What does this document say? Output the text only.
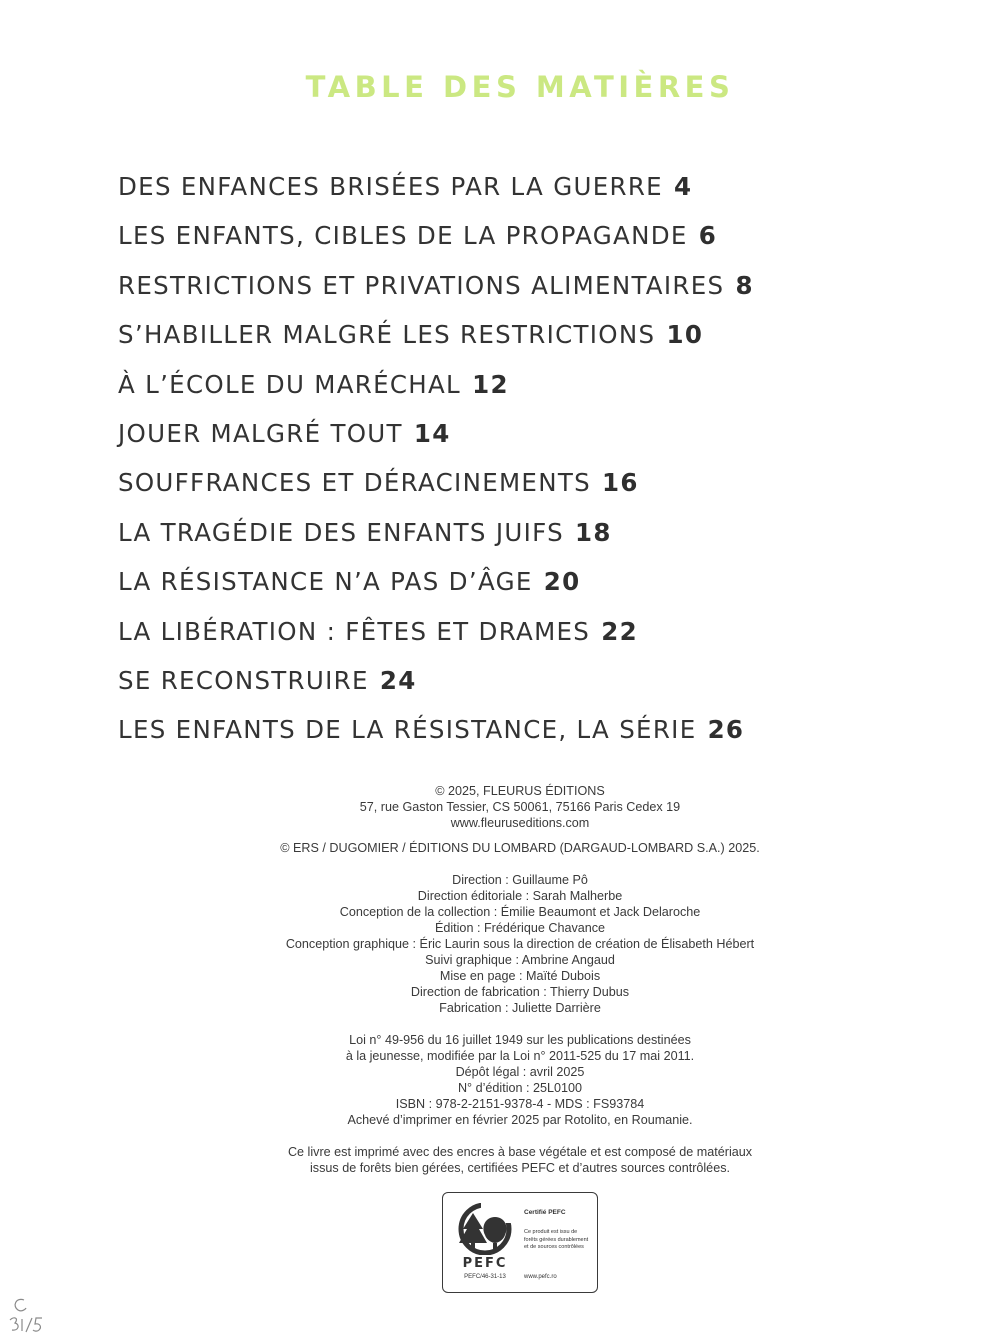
TABLE DES MATIÈRES
DES ENFANCES BRISÉES PAR LA GUERRE 4
LES ENFANTS, CIBLES DE LA PROPAGANDE 6
RESTRICTIONS ET PRIVATIONS ALIMENTAIRES 8
S’HABILLER MALGRÉ LES RESTRICTIONS 10
À L’ÉCOLE DU MARÉCHAL 12
JOUER MALGRÉ TOUT 14
SOUFFRANCES ET DÉRACINEMENTS 16
LA TRAGÉDIE DES ENFANTS JUIFS 18
LA RÉSISTANCE N’A PAS D’ÂGE 20
LA LIBÉRATION : FÊTES ET DRAMES 22
SE RECONSTRUIRE 24
LES ENFANTS DE LA RÉSISTANCE, LA SÉRIE 26
© 2025, FLEURUS ÉDITIONS
57, rue Gaston Tessier, CS 50061, 75166 Paris Cedex 19
www.fleuruseditions.com
© ERS / DUGOMIER / ÉDITIONS DU LOMBARD (DARGAUD-LOMBARD S.A.) 2025.
Direction : Guillaume Pô
Direction éditoriale : Sarah Malherbe
Conception de la collection : Émilie Beaumont et Jack Delaroche
Édition : Frédérique Chavance
Conception graphique : Éric Laurin sous la direction de création de Élisabeth Hébert
Suivi graphique : Ambrine Angaud
Mise en page : Maïté Dubois
Direction de fabrication : Thierry Dubus
Fabrication : Juliette Darrière
Loi n° 49-956 du 16 juillet 1949 sur les publications destinées
à la jeunesse, modifiée par la Loi n° 2011-525 du 17 mai 2011.
Dépôt légal : avril 2025
N° d’édition : 25L0100
ISBN : 978-2-2151-9378-4 - MDS : FS93784
Achevé d’imprimer en février 2025 par Rotolito, en Roumanie.
Ce livre est imprimé avec des encres à base végétale et est composé de matériaux
issus de forêts bien gérées, certifiées PEFC et d’autres sources contrôlées.
PEFC
PEFC/46-31-13
Certifié PEFC
Ce produit est issu de forêts gérées durablement et de sources contrôlées
www.pefc.ro
